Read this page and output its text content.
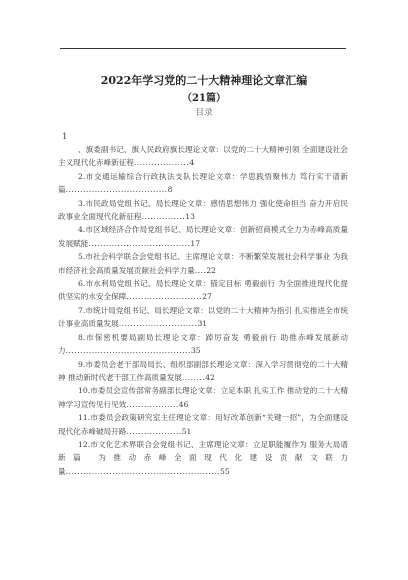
2022年学习党的二十大精神理论文章汇编
（21篇）
目录
1
、旗委副书记、旗人民政府旗长理论文章：以党的二十大精神引领 全面建设社会主义现代化赤峰新征程...................4
2.市交通运输综合行政执法支队长理论文章：学思践悟聚伟力 笃行实干谱新篇...................................8
3.市民政局党组书记、局长理论文章：感悟思想伟力 强化使命担当 奋力开启民政事业全面现代化新征程...............13
4.市区域经济合作局党组书记、局长理论文章：创新招商模式全力为赤峰高质量发展赋能...................................17
5.市社会科学联合会党组书记、主席理论文章：不断繁荣发展社会科学事业 为我市经济社会高质量发展贡献社会科学力量....22
6.市水利局党组书记、局长理论文章：锚定目标 勇毅前行 为全面推进现代化提供坚实的水安全保障..........................27
7.市统计局党组书记、局长理论文章：以党的二十大精神为指引 扎实推进全市统计事业高质量发展...........................31
8.市保密机要局副局长理论文章：踔厉奋发 勇毅前行 助推赤峰发展新动力...........................................35
9.市委员会老干部局局长、组织部副部长理论文章：深入学习贯彻党的二十大精神 推动新时代老干部工作高质量发展........42
10.市委员会宣传部常务副部长理论文章：立足本职 扎实工作 推动党的二十大精神学习宣传见行见效..................46
11.市委员会政策研究室主任理论文章：用好改革创新“关键一招”，为全面建设现代化赤峰破局开路...................51
12.市文化艺术界联合会党组书记、主席理论文章：立足职能履作为 服务大局谱新篇 为推动赤峰全面现代化建设贡献文联力量.....................................................55
